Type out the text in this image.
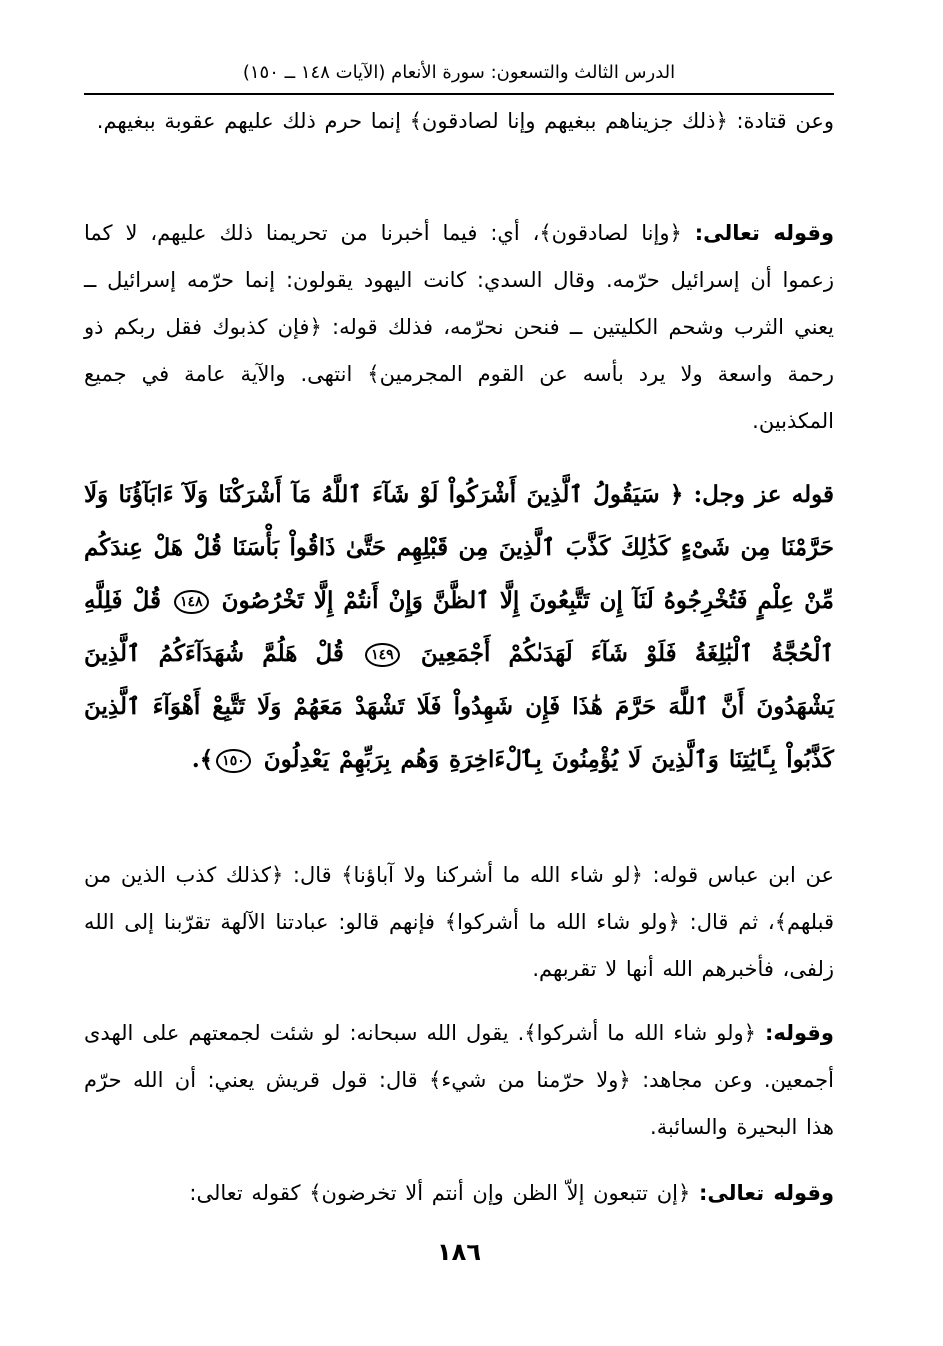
الدرس الثالث والتسعون: سورة الأنعام (الآيات ١٤٨ ــ ١٥٠)

وعن قتادة: ﴿ذلك جزيناهم ببغيهم وإنا لصادقون﴾ إنما حرم ذلك عليهم عقوبة ببغيهم.

وقوله تعالى: ﴿وإنا لصادقون﴾، أي: فيما أخبرنا من تحريمنا ذلك عليهم، لا كما زعموا أن إسرائيل حرّمه. وقال السدي: كانت اليهود يقولون: إنما حرّمه إسرائيل ــ يعني الثرب وشحم الكليتين ــ فنحن نحرّمه، فذلك قوله: ﴿فإن كذبوك فقل ربكم ذو رحمة واسعة ولا يرد بأسه عن القوم المجرمين﴾ انتهى. والآية عامة في جميع المكذبين.

قوله عز وجل: ﴿ سَيَقُولُ ٱلَّذِينَ أَشْرَكُواْ لَوْ شَآءَ ٱللَّهُ مَآ أَشْرَكْنَا وَلَآ ءَابَآؤُنَا وَلَا حَرَّمْنَا مِن شَىْءٍ كَذَٰلِكَ كَذَّبَ ٱلَّذِينَ مِن قَبْلِهِم حَتَّىٰ ذَاقُواْ بَأْسَنَا قُلْ هَلْ عِندَكُم مِّنْ عِلْمٍ فَتُخْرِجُوهُ لَنَآ إِن تَتَّبِعُونَ إِلَّا ٱلظَّنَّ وَإِنْ أَنتُمْ إِلَّا تَخْرُصُونَ ١٤٨ قُلْ فَلِلَّهِ ٱلْحُجَّةُ ٱلْبَٰلِغَةُ فَلَوْ شَآءَ لَهَدَىٰكُمْ أَجْمَعِينَ ١٤٩ قُلْ هَلُمَّ شُهَدَآءَكُمُ ٱلَّذِينَ يَشْهَدُونَ أَنَّ ٱللَّهَ حَرَّمَ هَٰذَا فَإِن شَهِدُواْ فَلَا تَشْهَدْ مَعَهُمْ وَلَا تَتَّبِعْ أَهْوَآءَ ٱلَّذِينَ كَذَّبُواْ بِـَٔايَٰتِنَا وَٱلَّذِينَ لَا يُؤْمِنُونَ بِٱلْءَاخِرَةِ وَهُم بِرَبِّهِمْ يَعْدِلُونَ ١٥٠﴾.

عن ابن عباس قوله: ﴿لو شاء الله ما أشركنا ولا آباؤنا﴾ قال: ﴿كذلك كذب الذين من قبلهم﴾، ثم قال: ﴿ولو شاء الله ما أشركوا﴾ فإنهم قالو: عبادتنا الآلهة تقرّبنا إلى الله زلفى، فأخبرهم الله أنها لا تقربهم.

وقوله: ﴿ولو شاء الله ما أشركوا﴾. يقول الله سبحانه: لو شئت لجمعتهم على الهدى أجمعين. وعن مجاهد: ﴿ولا حرّمنا من شيء﴾ قال: قول قريش يعني: أن الله حرّم هذا البحيرة والسائبة.

وقوله تعالى: ﴿إن تتبعون إلاّ الظن وإن أنتم ألا تخرضون﴾ كقوله تعالى:

١٨٦
